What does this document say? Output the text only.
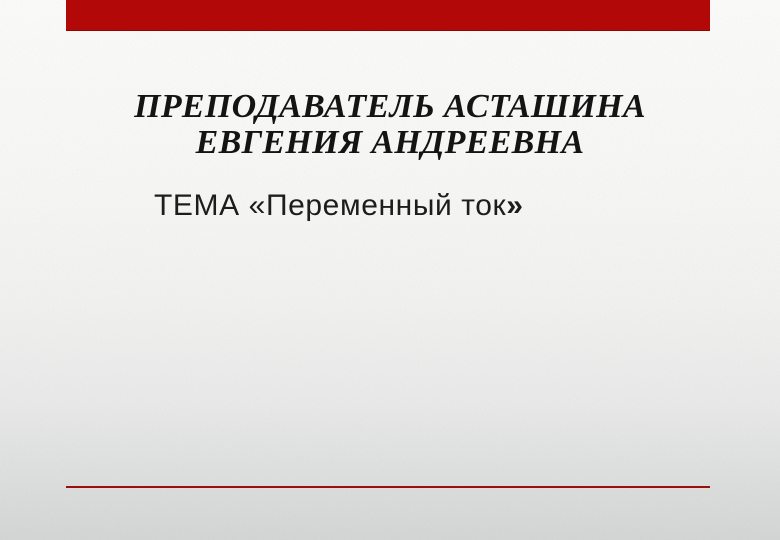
ПРЕПОДАВАТЕЛЬ АСТАШИНА
ЕВГЕНИЯ АНДРЕЕВНА

ТЕМА «Переменный ток»
